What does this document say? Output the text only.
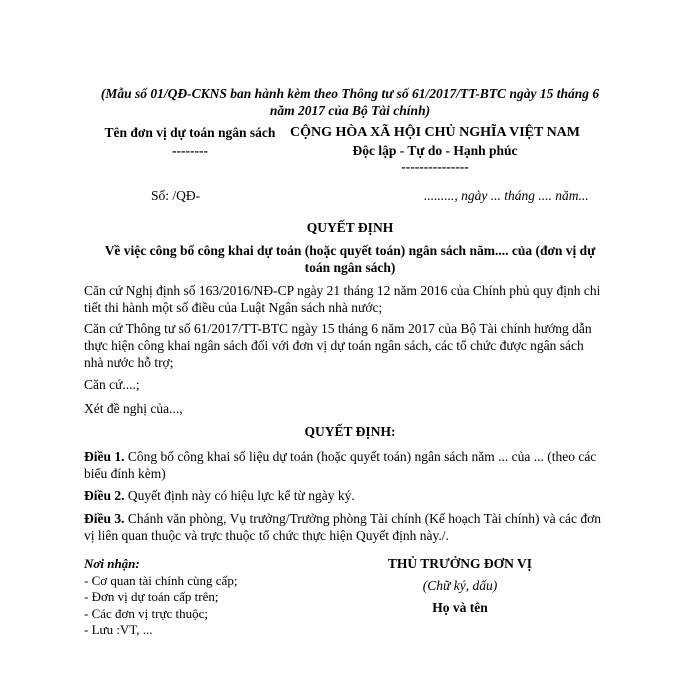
(Mẫu số 01/QĐ-CKNS ban hành kèm theo Thông tư số 61/2017/TT-BTC ngày 15 tháng 6
năm 2017 của Bộ Tài chính)
Tên đơn vị dự toán ngân sách
--------
CỘNG HÒA XÃ HỘI CHỦ NGHĨA VIỆT NAM
Độc lập - Tự do - Hạnh phúc
---------------
Số: /QĐ-	........., ngày ... tháng .... năm...
QUYẾT ĐỊNH
Về việc công bố công khai dự toán (hoặc quyết toán) ngân sách năm.... của (đơn vị dự
toán ngân sách)

Căn cứ Nghị định số 163/2016/NĐ-CP ngày 21 tháng 12 năm 2016 của Chính phủ quy định chi tiết thi hành một số điều của Luật Ngân sách nhà nước;

Căn cứ Thông tư số 61/2017/TT-BTC ngày 15 tháng 6 năm 2017 của Bộ Tài chính hướng dẫn thực hiện công khai ngân sách đối với đơn vị dự toán ngân sách, các tổ chức được ngân sách nhà nước hỗ trợ;

Căn cứ....;

Xét đề nghị của...,

QUYẾT ĐỊNH:

Điều 1. Công bố công khai số liệu dự toán (hoặc quyết toán) ngân sách năm ... của ... (theo các biểu đính kèm)

Điều 2. Quyết định này có hiệu lực kể từ ngày ký.

Điều 3. Chánh văn phòng, Vụ trưởng/Trưởng phòng Tài chính (Kế hoạch Tài chính) và các đơn vị liên quan thuộc và trực thuộc tổ chức thực hiện Quyết định này./.

Nơi nhận:
- Cơ quan tài chính cùng cấp;
- Đơn vị dự toán cấp trên;
- Các đơn vị trực thuộc;
- Lưu :VT, ...
THỦ TRƯỞNG ĐƠN VỊ
(Chữ ký, dấu)
Họ và tên
